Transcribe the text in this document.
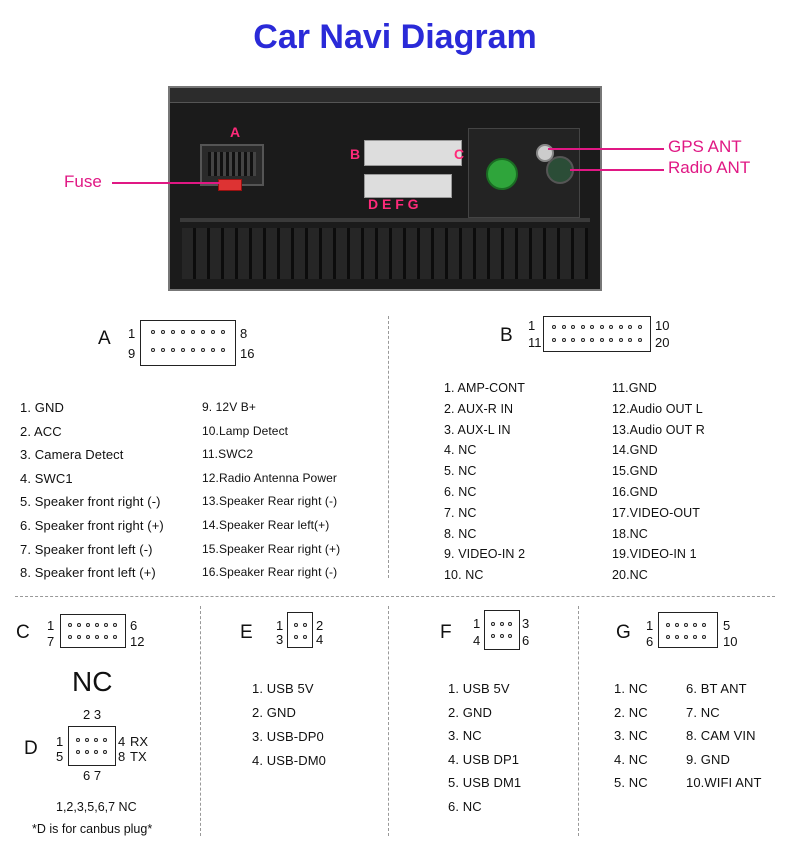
Car Navi Diagram
A
B	C
D E F G
Fuse
GPS ANT
Radio ANT
A 1	8
9	16
1. GND
2. ACC
3. Camera Detect
4. SWC1
5. Speaker front right (-)
6. Speaker front right (+)
7. Speaker front left (-)
8. Speaker front left (+)
9. 12V B+
10.Lamp Detect
11.SWC2
12.Radio Antenna Power
13.Speaker Rear right (-)
14.Speaker Rear left(+)
15.Speaker Rear right (+)
16.Speaker Rear right (-)
B 1	10
11	20
1. AMP-CONT
2. AUX-R IN
3. AUX-L IN
4. NC
5. NC
6. NC
7. NC
8. NC
9. VIDEO-IN 2
10. NC
11.GND
12.Audio OUT L
13.Audio OUT R
14.GND
15.GND
16.GND
17.VIDEO-OUT
18.NC
19.VIDEO-IN 1
20.NC
C 1	6
7	12
NC
D
2 3
1	4 RX
5	8 TX
6 7
1,2,3,5,6,7 NC
*D is for canbus plug*
E 1	2
3	4
1. USB 5V
2. GND
3. USB-DP0
4. USB-DM0
F 1	3
4	6
1. USB 5V
2. GND
3. NC
4. USB DP1
5. USB DM1
6. NC
G 1	5
6	10
1. NC
2. NC
3. NC
4. NC
5. NC
6. BT ANT
7. NC
8. CAM VIN
9. GND
10.WIFI ANT
